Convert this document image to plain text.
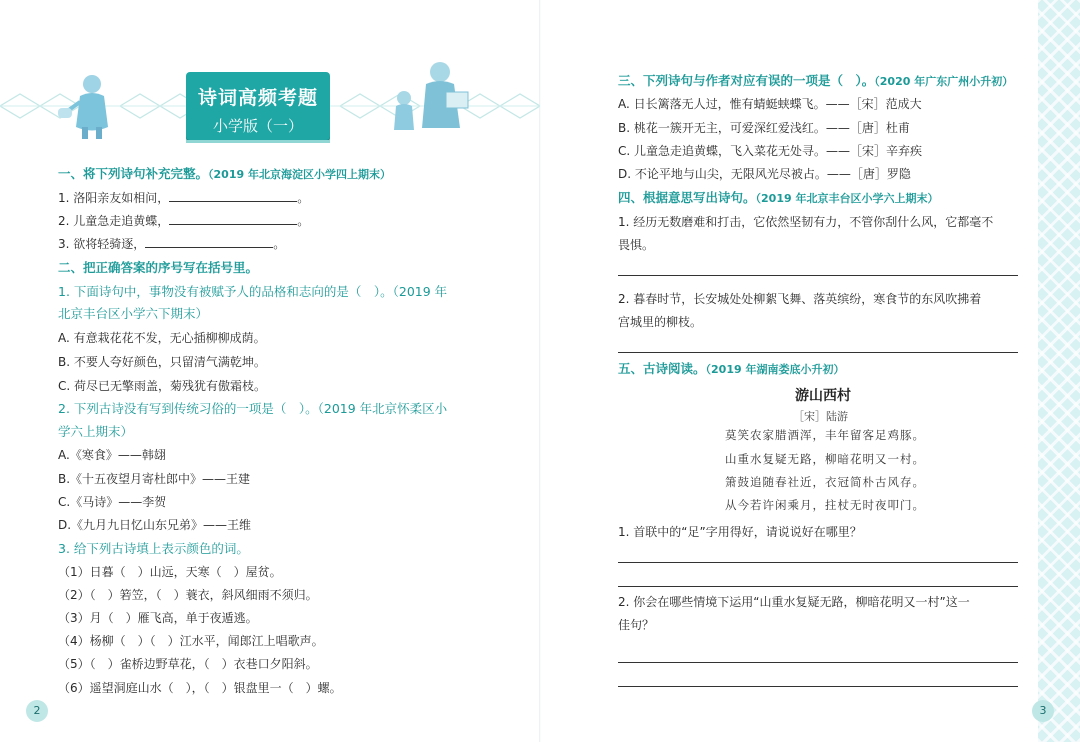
诗词高频考题
小学版（一）
一、将下列诗句补充完整。（2019 年北京海淀区小学四上期末）
1. 洛阳亲友如相问，	。
2. 儿童急走追黄蝶，	。
3. 欲将轻骑逐，	。
二、把正确答案的序号写在括号里。
1. 下面诗句中，事物没有被赋予人的品格和志向的是（　）。（2019 年
北京丰台区小学六下期末）
A. 有意栽花花不发，无心插柳柳成荫。
B. 不要人夸好颜色，只留清气满乾坤。
C. 荷尽已无擎雨盖，菊残犹有傲霜枝。
2. 下列古诗没有写到传统习俗的一项是（　）。（2019 年北京怀柔区小
学六上期末）
A.《寒食》——韩翃
B.《十五夜望月寄杜郎中》——王建
C.《马诗》——李贺
D.《九月九日忆山东兄弟》——王维
3. 给下列古诗填上表示颜色的词。
（1）日暮（　）山远，天寒（　）屋贫。
（2）（　）箬笠，（　）蓑衣，斜风细雨不须归。
（3）月（　）雁飞高，单于夜遁逃。
（4）杨柳（　）（　）江水平，闻郎江上唱歌声。
（5）（　）雀桥边野草花，（　）衣巷口夕阳斜。
（6）遥望洞庭山水（　），（　）银盘里一（　）螺。
2
三、下列诗句与作者对应有误的一项是（　）。（2020 年广东广州小升初）
A. 日长篱落无人过，惟有蜻蜓蛱蝶飞。——［宋］范成大
B. 桃花一簇开无主，可爱深红爱浅红。——［唐］杜甫
C. 儿童急走追黄蝶，飞入菜花无处寻。——［宋］辛弃疾
D. 不论平地与山尖，无限风光尽被占。——［唐］罗隐
四、根据意思写出诗句。（2019 年北京丰台区小学六上期末）
1. 经历无数磨难和打击，它依然坚韧有力，不管你刮什么风，它都毫不
畏惧。
2. 暮春时节，长安城处处柳絮飞舞、落英缤纷，寒食节的东风吹拂着
宫城里的柳枝。
五、古诗阅读。（2019 年湖南娄底小升初）
游山西村
［宋］陆游
莫笑农家腊酒浑，丰年留客足鸡豚。
山重水复疑无路，柳暗花明又一村。
箫鼓追随春社近，衣冠简朴古风存。
从今若许闲乘月，拄杖无时夜叩门。
1. 首联中的“足”字用得好，请说说好在哪里？
2. 你会在哪些情境下运用“山重水复疑无路，柳暗花明又一村”这一
佳句？
3
